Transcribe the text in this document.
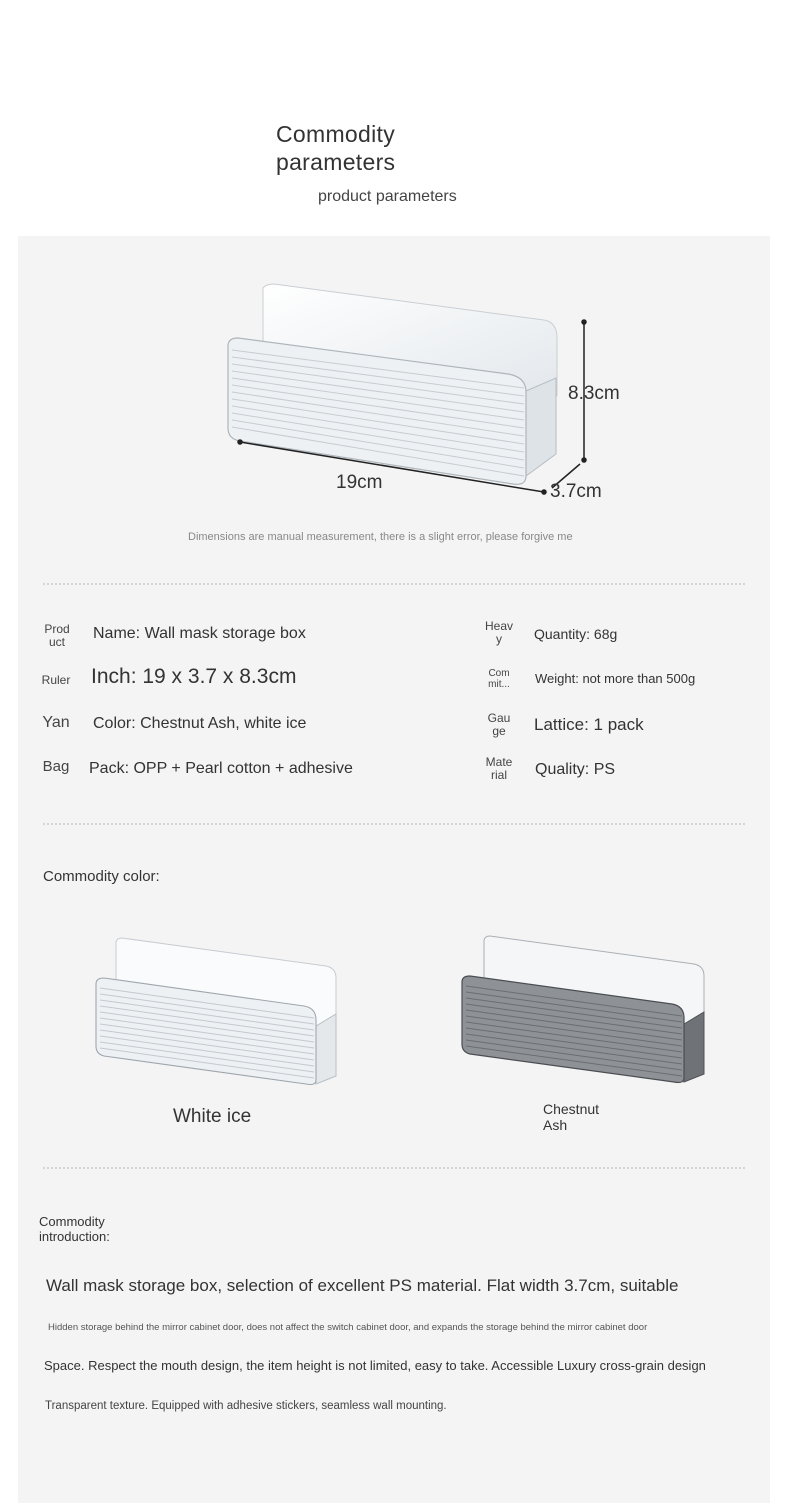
Commodity parameters
product parameters
8.3cm
19cm	3.7cm
Dimensions are manual measurement, there is a slight error, please forgive me
Prod uct	Name: Wall mask storage box
Ruler Inch: 19 x 3.7 x 8.3cm
Yan Color: Chestnut Ash, white ice
Bag Pack: OPP + Pearl cotton + adhesive
Heav y	Quantity: 68g
Com mit...	Weight: not more than 500g
Gau ge	Lattice: 1 pack
Mate rial	Quality: PS
Commodity color:
White ice	Chestnut Ash
Commodity introduction:
Wall mask storage box, selection of excellent PS material. Flat width 3.7cm, suitable
Hidden storage behind the mirror cabinet door, does not affect the switch cabinet door, and expands the storage behind the mirror cabinet door
Space. Respect the mouth design, the item height is not limited, easy to take. Accessible Luxury cross-grain design
Transparent texture. Equipped with adhesive stickers, seamless wall mounting.
